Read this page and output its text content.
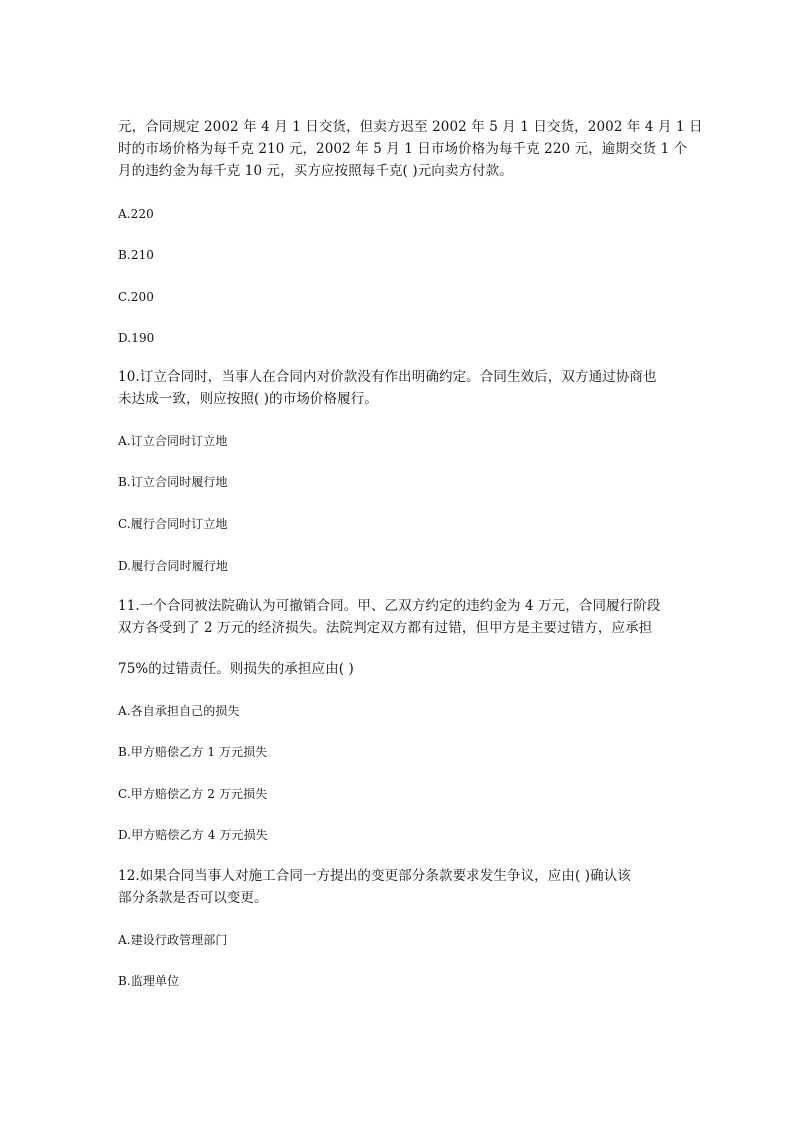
元，合同规定 2002 年 4 月 1 日交货，但卖方迟至 2002 年 5 月 1 日交货，2002 年 4 月 1 日
时的市场价格为每千克 210 元，2002 年 5 月 1 日市场价格为每千克 220 元，逾期交货 1 个
月的违约金为每千克 10 元，买方应按照每千克( )元向卖方付款。
A.220
B.210
C.200
D.190
10.订立合同时，当事人在合同内对价款没有作出明确约定。合同生效后，双方通过协商也
未达成一致，则应按照( )的市场价格履行。
A.订立合同时订立地
B.订立合同时履行地
C.履行合同时订立地
D.履行合同时履行地
11.一个合同被法院确认为可撤销合同。甲、乙双方约定的违约金为 4 万元，合同履行阶段
双方各受到了 2 万元的经济损失。法院判定双方都有过错，但甲方是主要过错方，应承担
75%的过错责任。则损失的承担应由( )
A.各自承担自己的损失
B.甲方赔偿乙方 1 万元损失
C.甲方赔偿乙方 2 万元损失
D.甲方赔偿乙方 4 万元损失
12.如果合同当事人对施工合同一方提出的变更部分条款要求发生争议，应由( )确认该
部分条款是否可以变更。
A.建设行政管理部门
B.监理单位
